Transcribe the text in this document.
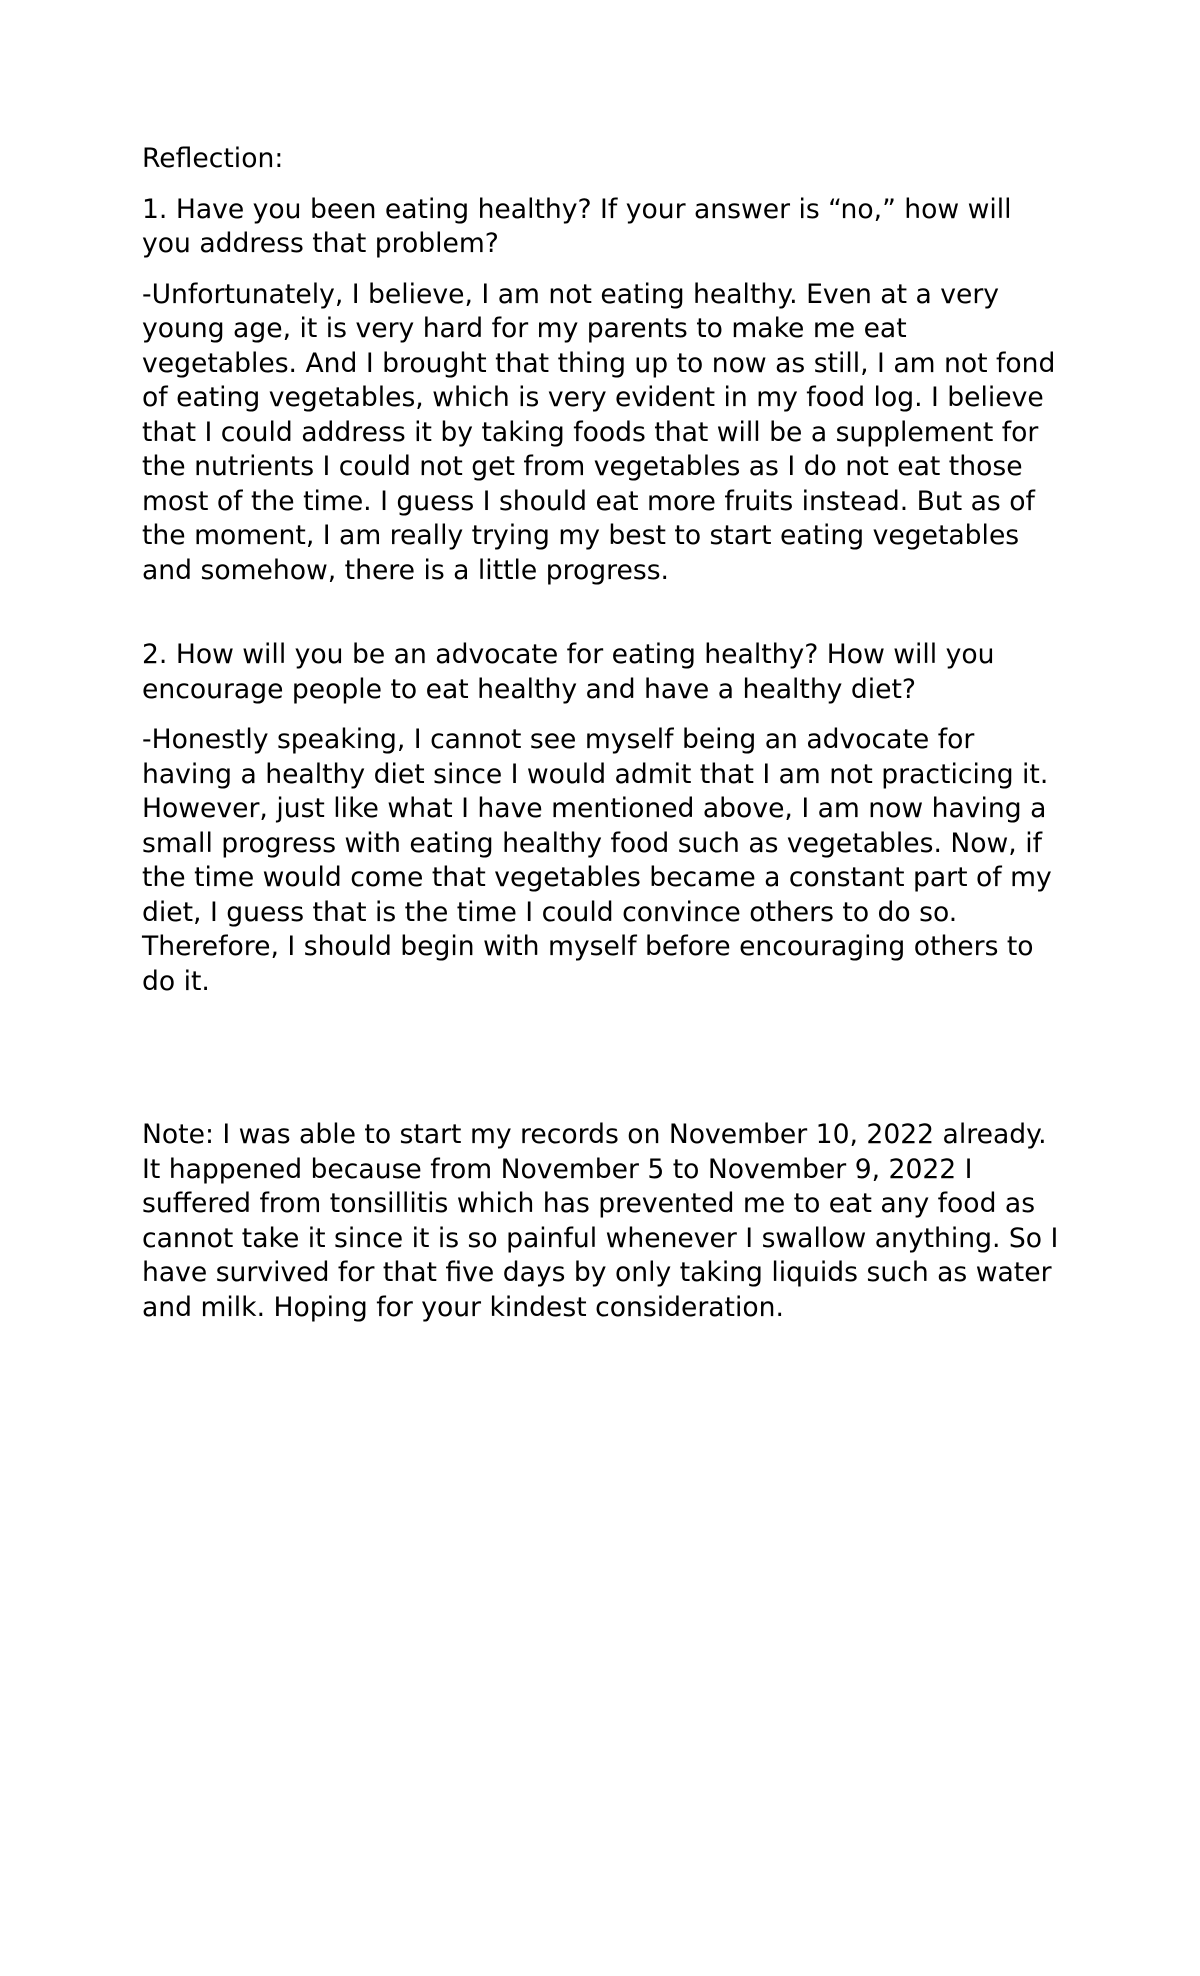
Reflection:

1. Have you been eating healthy? If your answer is “no,” how will you address that problem?

-Unfortunately, I believe, I am not eating healthy. Even at a very young age, it is very hard for my parents to make me eat vegetables. And I brought that thing up to now as still, I am not fond of eating vegetables, which is very evident in my food log. I believe that I could address it by taking foods that will be a supplement for the nutrients I could not get from vegetables as I do not eat those most of the time. I guess I should eat more fruits instead. But as of the moment, I am really trying my best to start eating vegetables and somehow, there is a little progress.

2. How will you be an advocate for eating healthy? How will you encourage people to eat healthy and have a healthy diet?

-Honestly speaking, I cannot see myself being an advocate for having a healthy diet since I would admit that I am not practicing it. However, just like what I have mentioned above, I am now having a small progress with eating healthy food such as vegetables. Now, if the time would come that vegetables became a constant part of my diet, I guess that is the time I could convince others to do so. Therefore, I should begin with myself before encouraging others to do it.

Note: I was able to start my records on November 10, 2022 already. It happened because from November 5 to November 9, 2022 I suffered from tonsillitis which has prevented me to eat any food as cannot take it since it is so painful whenever I swallow anything. So I have survived for that five days by only taking liquids such as water and milk. Hoping for your kindest consideration.
